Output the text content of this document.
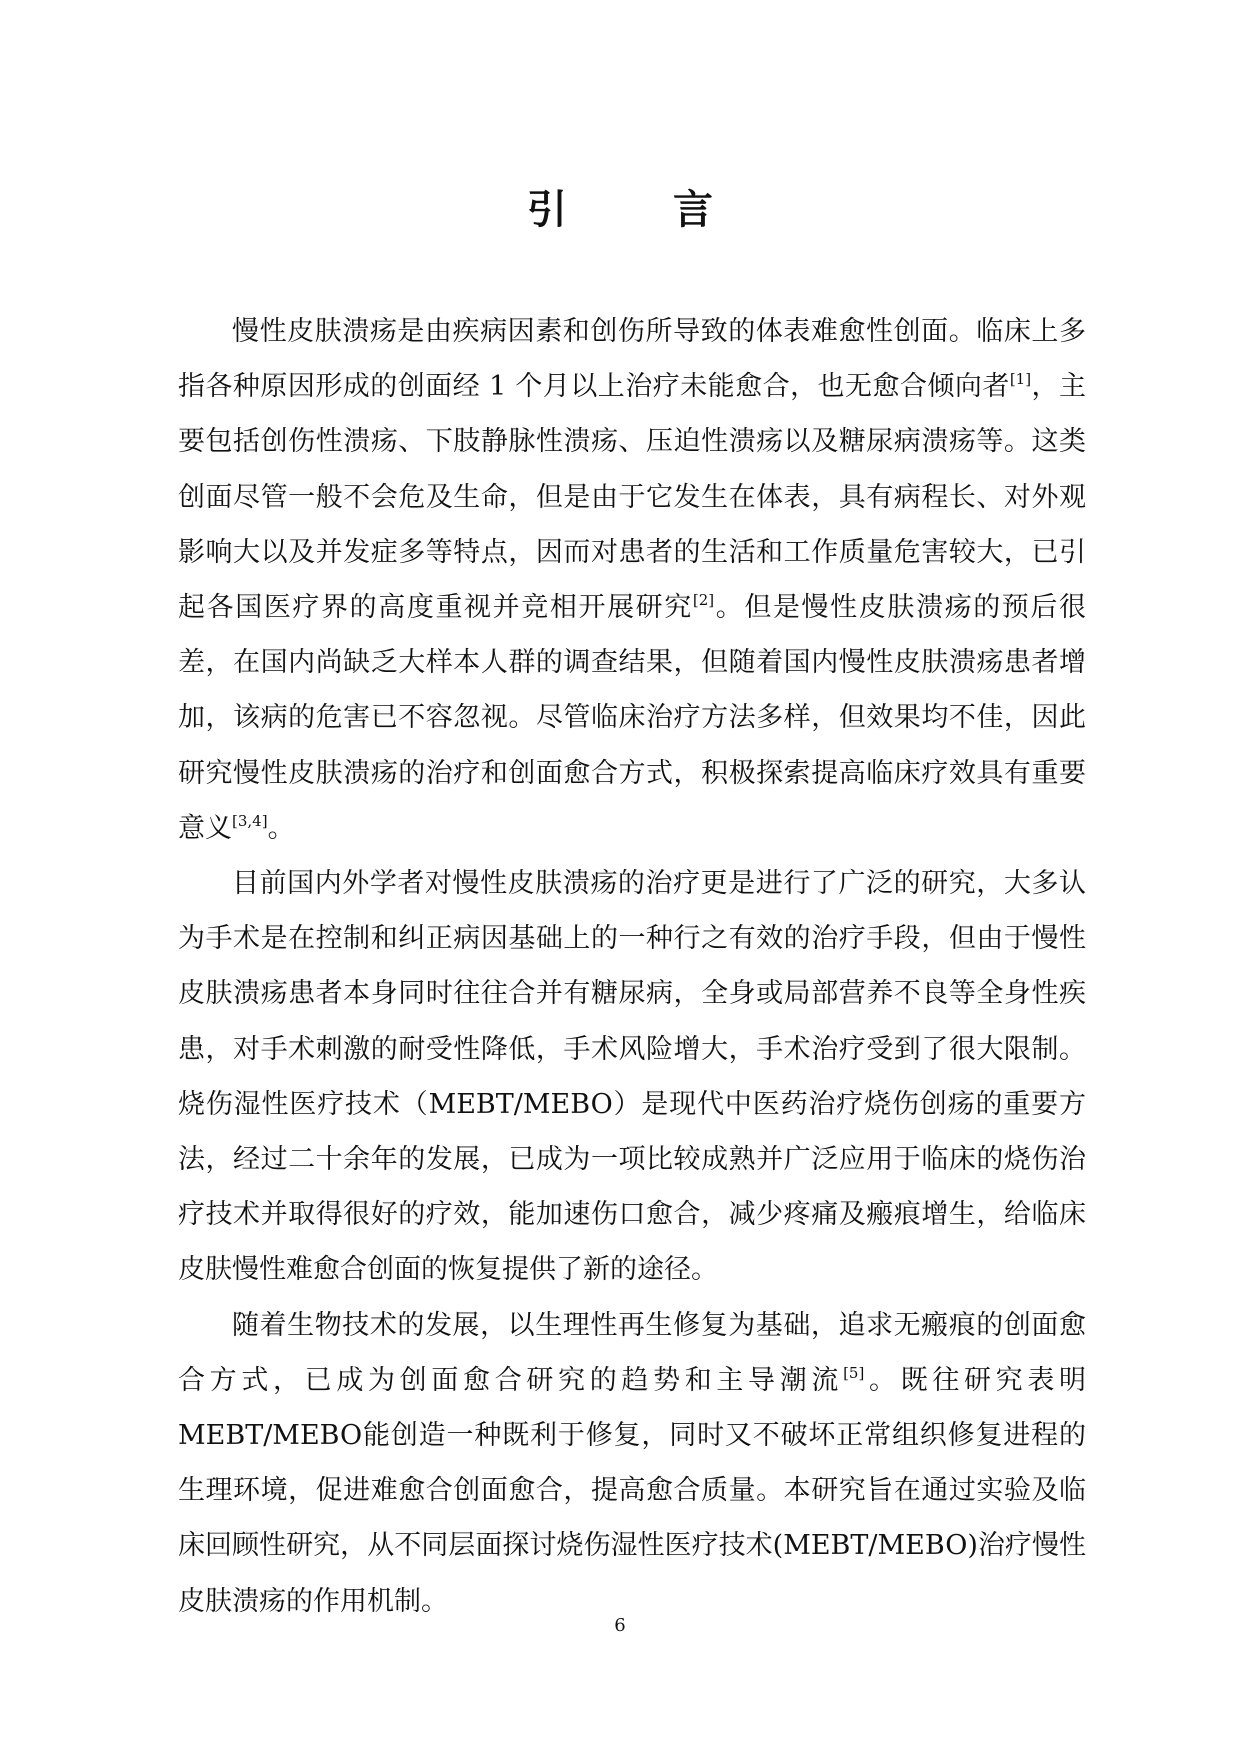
引 言

慢性皮肤溃疡是由疾病因素和创伤所导致的体表难愈性创面。临床上多指各种原因形成的创面经 1 个月以上治疗未能愈合，也无愈合倾向者[1]，主要包括创伤性溃疡、下肢静脉性溃疡、压迫性溃疡以及糖尿病溃疡等。这类创面尽管一般不会危及生命，但是由于它发生在体表，具有病程长、对外观影响大以及并发症多等特点，因而对患者的生活和工作质量危害较大，已引起各国医疗界的高度重视并竞相开展研究[2]。但是慢性皮肤溃疡的预后很差，在国内尚缺乏大样本人群的调查结果，但随着国内慢性皮肤溃疡患者增加，该病的危害已不容忽视。尽管临床治疗方法多样，但效果均不佳，因此研究慢性皮肤溃疡的治疗和创面愈合方式，积极探索提高临床疗效具有重要意义[3,4]。

目前国内外学者对慢性皮肤溃疡的治疗更是进行了广泛的研究，大多认为手术是在控制和纠正病因基础上的一种行之有效的治疗手段，但由于慢性皮肤溃疡患者本身同时往往合并有糖尿病，全身或局部营养不良等全身性疾患，对手术刺激的耐受性降低，手术风险增大，手术治疗受到了很大限制。烧伤湿性医疗技术（MEBT/MEBO）是现代中医药治疗烧伤创疡的重要方法，经过二十余年的发展，已成为一项比较成熟并广泛应用于临床的烧伤治疗技术并取得很好的疗效，能加速伤口愈合，减少疼痛及瘢痕增生，给临床皮肤慢性难愈合创面的恢复提供了新的途径。

随着生物技术的发展，以生理性再生修复为基础，追求无瘢痕的创面愈合方式，已成为创面愈合研究的趋势和主导潮流[5]。既往研究表明MEBT/MEBO能创造一种既利于修复，同时又不破坏正常组织修复进程的生理环境，促进难愈合创面愈合，提高愈合质量。本研究旨在通过实验及临床回顾性研究，从不同层面探讨烧伤湿性医疗技术(MEBT/MEBO)治疗慢性皮肤溃疡的作用机制。

6
